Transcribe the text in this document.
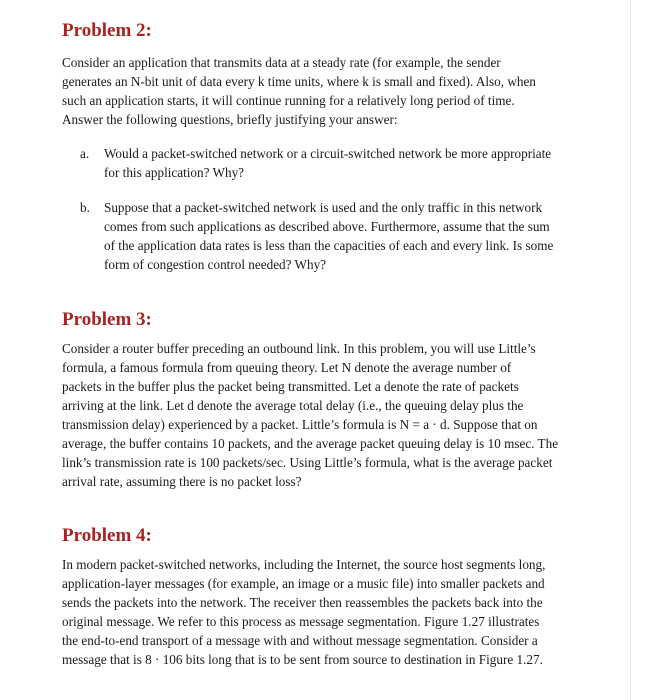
Problem 2:
Consider an application that transmits data at a steady rate (for example, the sender
generates an N-bit unit of data every k time units, where k is small and fixed). Also, when
such an application starts, it will continue running for a relatively long period of time.
Answer the following questions, briefly justifying your answer:
a.	Would a packet-switched network or a circuit-switched network be more appropriate
for this application? Why?
b.	Suppose that a packet-switched network is used and the only traffic in this network
comes from such applications as described above. Furthermore, assume that the sum
of the application data rates is less than the capacities of each and every link. Is some
form of congestion control needed? Why?
Problem 3:
Consider a router buffer preceding an outbound link. In this problem, you will use Little’s
formula, a famous formula from queuing theory. Let N denote the average number of
packets in the buffer plus the packet being transmitted. Let a denote the rate of packets
arriving at the link. Let d denote the average total delay (i.e., the queuing delay plus the
transmission delay) experienced by a packet. Little’s formula is N = a · d. Suppose that on
average, the buffer contains 10 packets, and the average packet queuing delay is 10 msec. The
link’s transmission rate is 100 packets/sec. Using Little’s formula, what is the average packet
arrival rate, assuming there is no packet loss?
Problem 4:
In modern packet-switched networks, including the Internet, the source host segments long,
application-layer messages (for example, an image or a music file) into smaller packets and
sends the packets into the network. The receiver then reassembles the packets back into the
original message. We refer to this process as message segmentation. Figure 1.27 illustrates
the end-to-end transport of a message with and without message segmentation. Consider a
message that is 8 · 106 bits long that is to be sent from source to destination in Figure 1.27.
